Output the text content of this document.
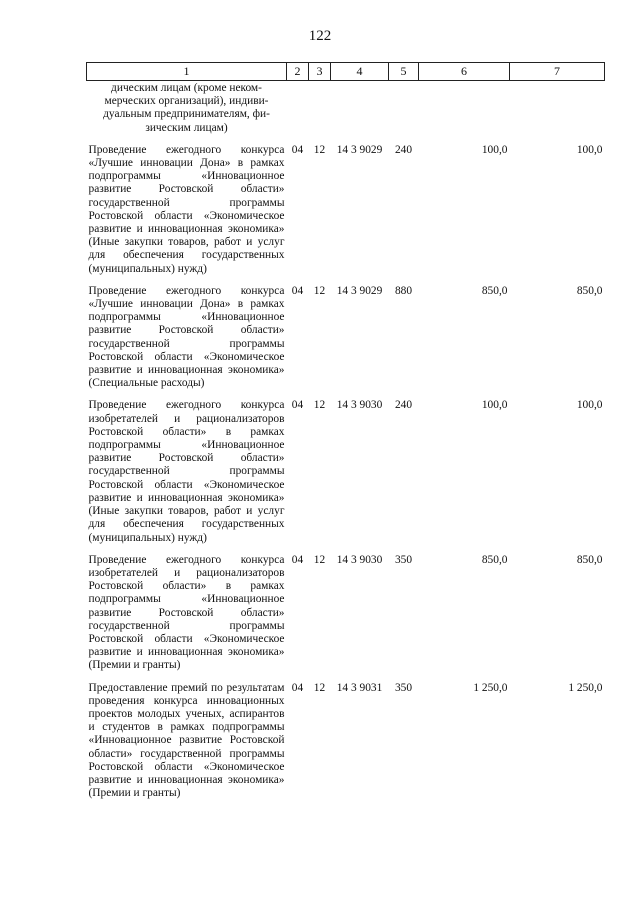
122
1	2	3	4	5	6	7

дическим лицам (кроме неком-
мерческих организаций), индиви-
дуальным предпринимателям, фи-
зическим лицам)						

Проведение ежегодного конкурса «Лучшие инновации Дона» в рамках подпрограммы «Инновационное развитие Ростовской области» государственной программы Ростовской области «Экономическое развитие и инновационная экономика» (Иные закупки товаров, работ и услуг для обеспечения государственных (муниципальных) нужд)	04	12	14 3 9029	240	100,0	100,0
Проведение ежегодного конкурса «Лучшие инновации Дона» в рамках подпрограммы «Инновационное развитие Ростовской области» государственной программы Ростовской области «Экономическое развитие и инновационная экономика» (Специальные расходы)	04	12	14 3 9029	880	850,0	850,0
Проведение ежегодного конкурса изобретателей и рационализаторов Ростовской области» в рамках подпрограммы «Инновационное развитие Ростовской области» государственной программы Ростовской области «Экономическое развитие и инновационная экономика» (Иные закупки товаров, работ и услуг для обеспечения государственных (муниципальных) нужд)	04	12	14 3 9030	240	100,0	100,0
Проведение ежегодного конкурса изобретателей и рационализаторов Ростовской области» в рамках подпрограммы «Инновационное развитие Ростовской области» государственной программы Ростовской области «Экономическое развитие и инновационная экономика» (Премии и гранты)	04	12	14 3 9030	350	850,0	850,0
Предоставление премий по результатам проведения конкурса инновационных проектов молодых ученых, аспирантов и студентов в рамках подпрограммы «Инновационное развитие Ростовской области» государственной программы Ростовской области «Экономическое развитие и инновационная экономика» (Премии и гранты)	04	12	14 3 9031	350	1 250,0	1 250,0
